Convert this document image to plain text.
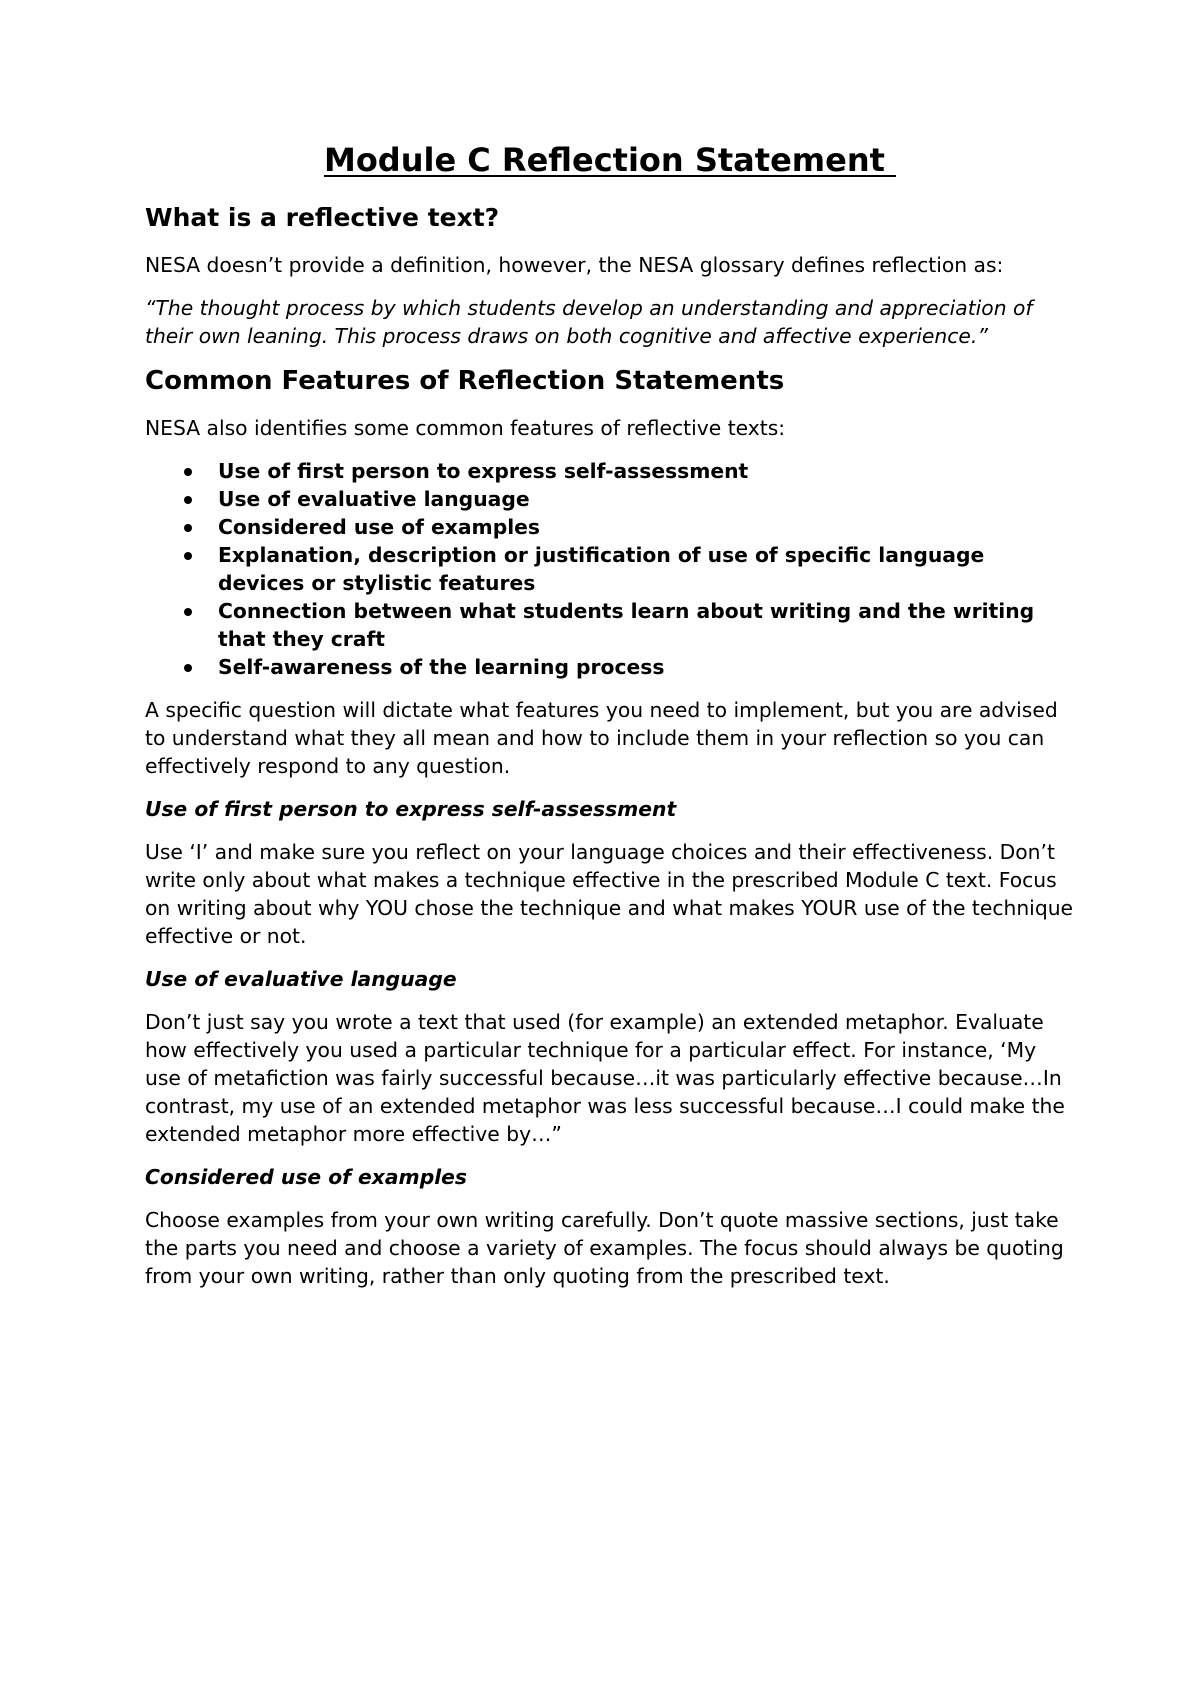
Module C Reflection Statement
What is a reflective text?
NESA doesn’t provide a definition, however, the NESA glossary defines reflection as:
“The thought process by which students develop an understanding and appreciation of their own leaning. This process draws on both cognitive and affective experience.”
Common Features of Reflection Statements
NESA also identifies some common features of reflective texts:
Use of first person to express self-assessment
Use of evaluative language
Considered use of examples
Explanation, description or justification of use of specific language devices or stylistic features
Connection between what students learn about writing and the writing that they craft
Self-awareness of the learning process
A specific question will dictate what features you need to implement, but you are advised to understand what they all mean and how to include them in your reflection so you can effectively respond to any question.
Use of first person to express self-assessment
Use ‘I’ and make sure you reflect on your language choices and their effectiveness. Don’t write only about what makes a technique effective in the prescribed Module C text. Focus on writing about why YOU chose the technique and what makes YOUR use of the technique effective or not.
Use of evaluative language
Don’t just say you wrote a text that used (for example) an extended metaphor. Evaluate how effectively you used a particular technique for a particular effect. For instance, ‘My use of metafiction was fairly successful because…it was particularly effective because…In contrast, my use of an extended metaphor was less successful because…I could make the extended metaphor more effective by…”
Considered use of examples
Choose examples from your own writing carefully. Don’t quote massive sections, just take the parts you need and choose a variety of examples. The focus should always be quoting from your own writing, rather than only quoting from the prescribed text.
